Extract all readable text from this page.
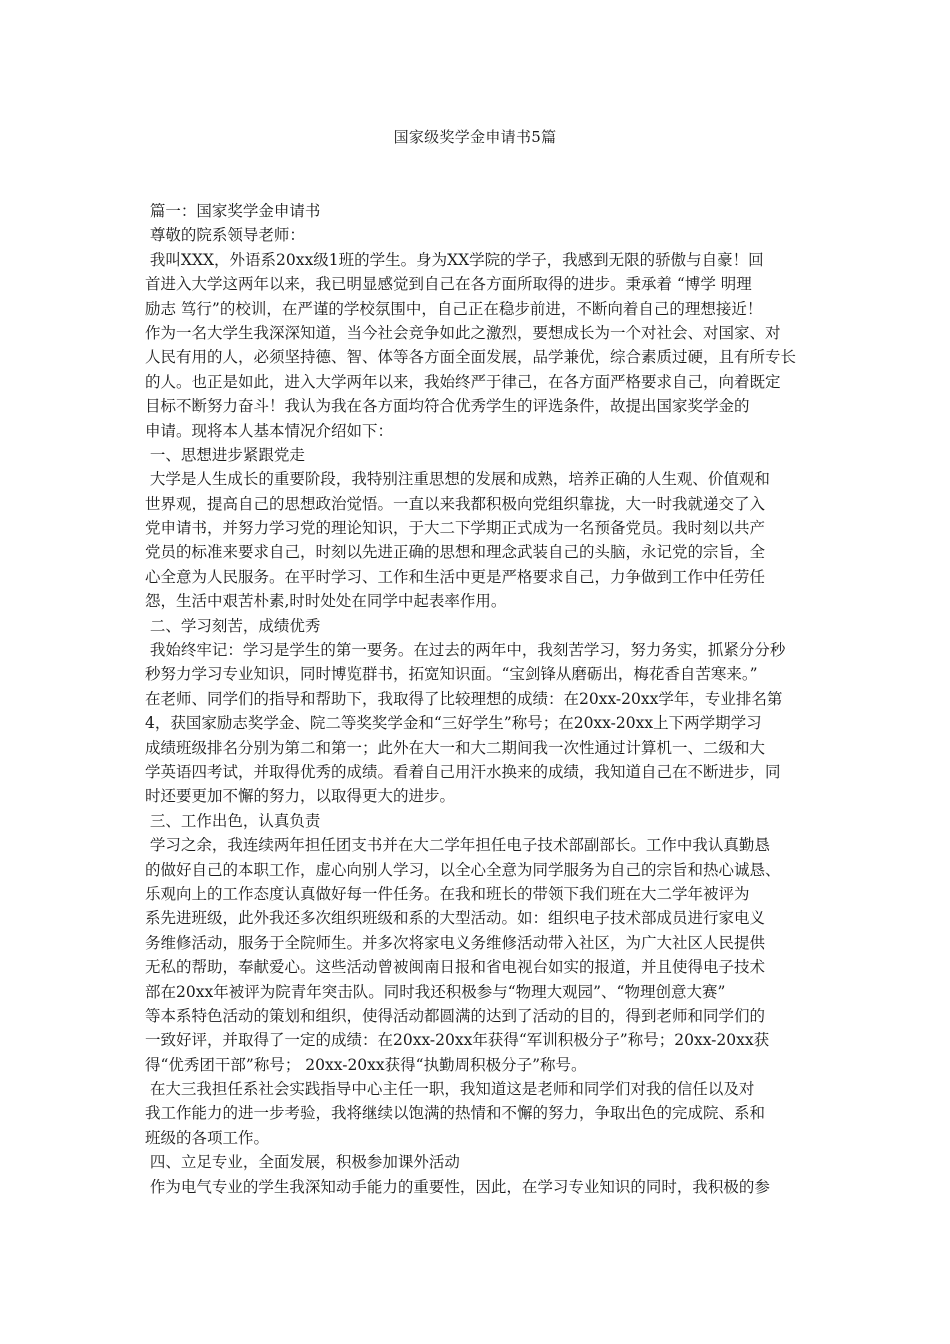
国家级奖学金申请书5篇
篇一：国家奖学金申请书
尊敬的院系领导老师：
我叫XXX，外语系20xx级1班的学生。身为XX学院的学子，我感到无限的骄傲与自豪！回
首进入大学这两年以来，我已明显感觉到自己在各方面所取得的进步。秉承着 “博学 明理
励志 笃行”的校训，在严谨的学校氛围中，自己正在稳步前进，不断向着自己的理想接近！
作为一名大学生我深深知道，当今社会竞争如此之激烈，要想成长为一个对社会、对国家、对
人民有用的人，必须坚持德、智、体等各方面全面发展，品学兼优，综合素质过硬，且有所专长
的人。也正是如此，进入大学两年以来，我始终严于律己，在各方面严格要求自己，向着既定
目标不断努力奋斗！我认为我在各方面均符合优秀学生的评选条件，故提出国家奖学金的
申请。现将本人基本情况介绍如下：
一、思想进步紧跟党走
大学是人生成长的重要阶段，我特别注重思想的发展和成熟，培养正确的人生观、价值观和
世界观，提高自己的思想政治觉悟。一直以来我都积极向党组织靠拢，大一时我就递交了入
党申请书，并努力学习党的理论知识，于大二下学期正式成为一名预备党员。我时刻以共产
党员的标准来要求自己，时刻以先进正确的思想和理念武装自己的头脑，永记党的宗旨，全
心全意为人民服务。在平时学习、工作和生活中更是严格要求自己，力争做到工作中任劳任
怨，生活中艰苦朴素,时时处处在同学中起表率作用。
二、学习刻苦，成绩优秀
我始终牢记：学习是学生的第一要务。在过去的两年中，我刻苦学习，努力务实，抓紧分分秒
秒努力学习专业知识，同时博览群书，拓宽知识面。“宝剑锋从磨砺出，梅花香自苦寒来。”
在老师、同学们的指导和帮助下，我取得了比较理想的成绩：在20xx-20xx学年，专业排名第
4，获国家励志奖学金、院二等奖奖学金和“三好学生”称号；在20xx-20xx上下两学期学习
成绩班级排名分别为第二和第一；此外在大一和大二期间我一次性通过计算机一、二级和大
学英语四考试，并取得优秀的成绩。看着自己用汗水换来的成绩，我知道自己在不断进步，同
时还要更加不懈的努力，以取得更大的进步。
三、工作出色，认真负责
学习之余，我连续两年担任团支书并在大二学年担任电子技术部副部长。工作中我认真勤恳
的做好自己的本职工作，虚心向别人学习，以全心全意为同学服务为自己的宗旨和热心诚恳、
乐观向上的工作态度认真做好每一件任务。在我和班长的带领下我们班在大二学年被评为
系先进班级，此外我还多次组织班级和系的大型活动。如：组织电子技术部成员进行家电义
务维修活动，服务于全院师生。并多次将家电义务维修活动带入社区，为广大社区人民提供
无私的帮助，奉献爱心。这些活动曾被闽南日报和省电视台如实的报道，并且使得电子技术
部在20xx年被评为院青年突击队。同时我还积极参与“物理大观园”、“物理创意大赛”
等本系特色活动的策划和组织，使得活动都圆满的达到了活动的目的，得到老师和同学们的
一致好评，并取得了一定的成绩：在20xx-20xx年获得“军训积极分子”称号；20xx-20xx获
得“优秀团干部”称号； 20xx-20xx获得“执勤周积极分子”称号。
在大三我担任系社会实践指导中心主任一职，我知道这是老师和同学们对我的信任以及对
我工作能力的进一步考验，我将继续以饱满的热情和不懈的努力，争取出色的完成院、系和
班级的各项工作。
四、立足专业，全面发展，积极参加课外活动
作为电气专业的学生我深知动手能力的重要性，因此，在学习专业知识的同时，我积极的参
